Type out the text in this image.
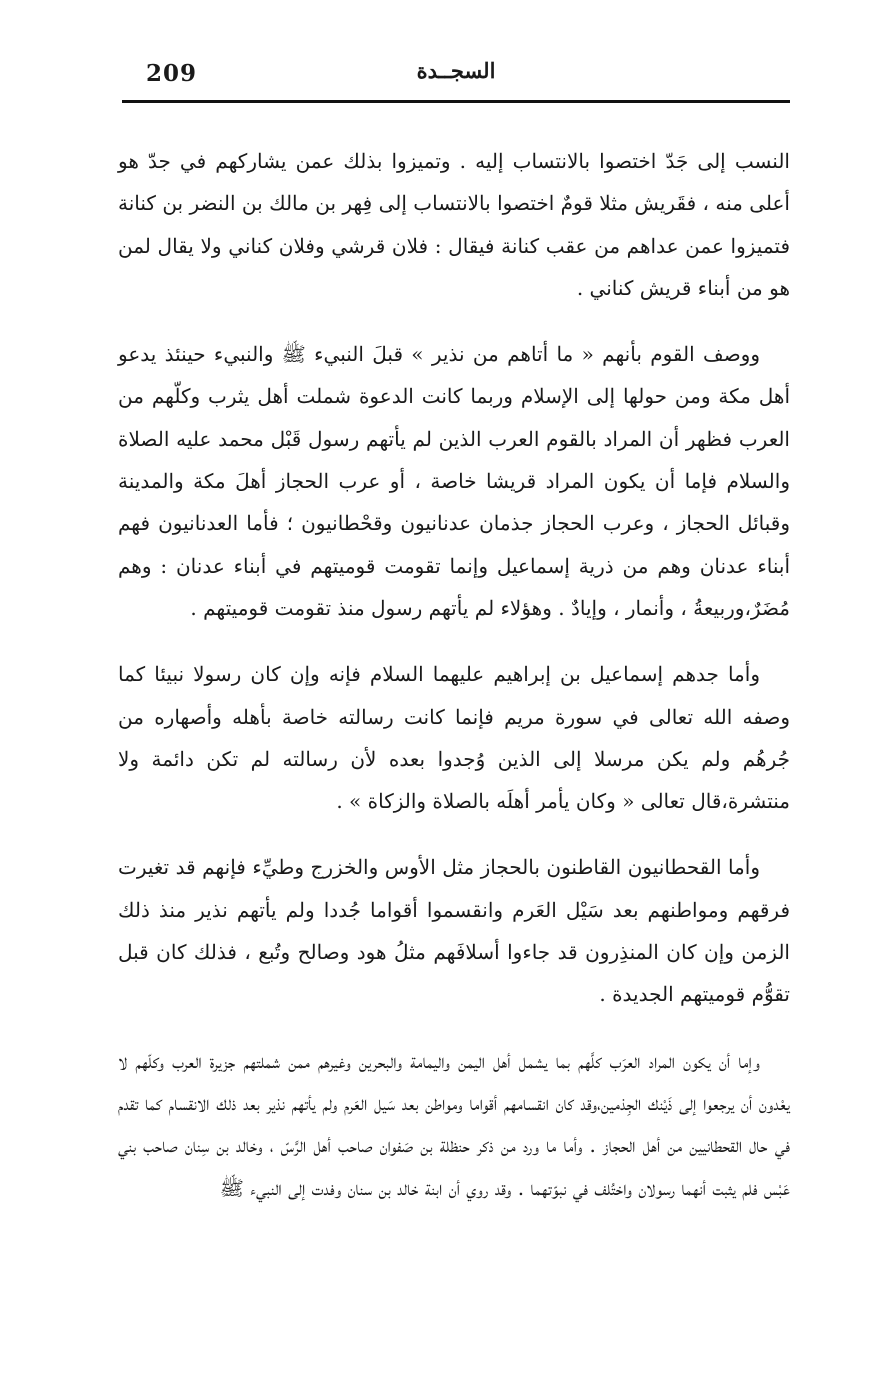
209	السجــدة

النسب إلى جَدّ اختصوا بالانتساب إليه . وتميزوا بذلك عمن يشاركهم في جدّ هو أعلى منه ، فقَريش مثلا قومٌ اختصوا بالانتساب إلى فِهر بن مالك بن النضر بن كنانة فتميزوا عمن عداهم من عقب كنانة فيقال : فلان قرشي وفلان كناني ولا يقال لمن هو من أبناء قريش كناني .

ووصف القوم بأنهم « ما أتاهم من نذير » قبلَ النبيء ﷺ والنبيء حينئذ يدعو أهل مكة ومن حولها إلى الإسلام وربما كانت الدعوة شملت أهل يثرب وكلّهم من العرب فظهر أن المراد بالقوم العرب الذين لم يأتهم رسول قَبْل محمد عليه الصلاة والسلام فإما أن يكون المراد قريشا خاصة ، أو عرب الحجاز أهلَ مكة والمدينة وقبائل الحجاز ، وعرب الحجاز جذمان عدنانيون وقحْطانيون ؛ فأما العدنانيون فهم أبناء عدنان وهم من ذرية إسماعيل وإنما تقومت قوميتهم في أبناء عدنان : وهم مُضَرٌ،وربيعةُ ، وأنمار ، وإيادٌ . وهؤلاء لم يأتهم رسول منذ تقومت قوميتهم .

وأما جدهم إسماعيل بن إبراهيم عليهما السلام فإنه وإن كان رسولا نبيئا كما وصفه الله تعالى في سورة مريم فإنما كانت رسالته خاصة بأهله وأصهاره من جُرهُم ولم يكن مرسلا إلى الذين وُجدوا بعده لأن رسالته لم تكن دائمة ولا منتشرة،قال تعالى « وكان يأمر أهلَه بالصلاة والزكاة » .

وأما القحطانيون القاطنون بالحجاز مثل الأوس والخزرج وطيِّء فإنهم قد تغيرت فرقهم ومواطنهم بعد سَيْل العَرم وانقسموا أقواما جُددا ولم يأتهم نذير منذ ذلك الزمن وإن كان المنذِرون قد جاءوا أسلافَهم مثلُ هود وصالح وتُبع ، فذلك كان قبل تقوُّم قوميتهم الجديدة .

وإما أن يكون المراد العرَب كلَّهم بما يشمل أهل اليمن واليمامة والبحرين وغيرهم ممن شملتهم جزيرة العرب وكلّهم لا يعْدون أن يرجعوا إلى ذَيْنك الجِذمين،وقد كان انقسامهم أقواما ومواطن بعد سَيل العَرم ولم يأتهم نذير بعد ذلك الانقسام كما تقدم في حال القحطانيين من أهل الحجاز . وأما ما ورد من ذكر حنظلة بن صَفوان صاحب أهل الرَّسّ ، وخالد بن سِنان صاحب بني عَبْس فلم يثبت أنهما رسولان واختُلف في نبوّتهما . وقد روي أن ابنة خالد بن سنان وفدت إلى النبيء ﷺ
